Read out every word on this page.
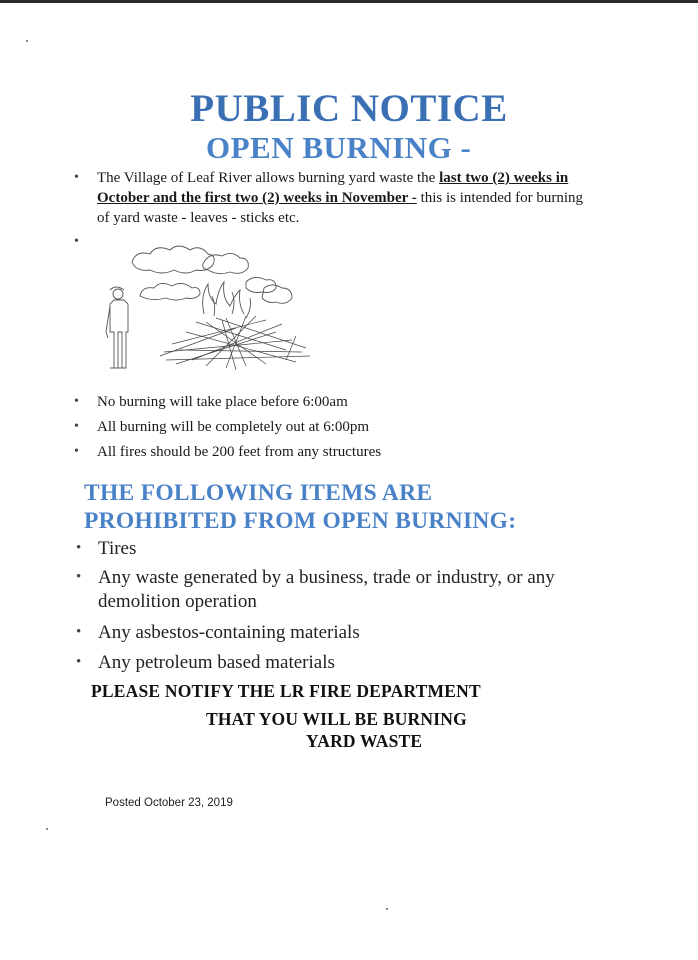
PUBLIC NOTICE
OPEN BURNING -
• The Village of Leaf River allows burning yard waste the last two (2) weeks in
October and the first two (2) weeks in November - this is intended for burning
of yard waste - leaves - sticks etc.
•
• No burning will take place before 6:00am
• All burning will be completely out at 6:00pm
• All fires should be 200 feet from any structures
THE FOLLOWING ITEMS ARE
PROHIBITED FROM OPEN BURNING:
• Tires
• Any waste generated by a business, trade or industry, or any
demolition operation
• Any asbestos-containing materials
• Any petroleum based materials
PLEASE NOTIFY THE LR FIRE DEPARTMENT
THAT YOU WILL BE BURNING
YARD WASTE
Posted October 23, 2019
